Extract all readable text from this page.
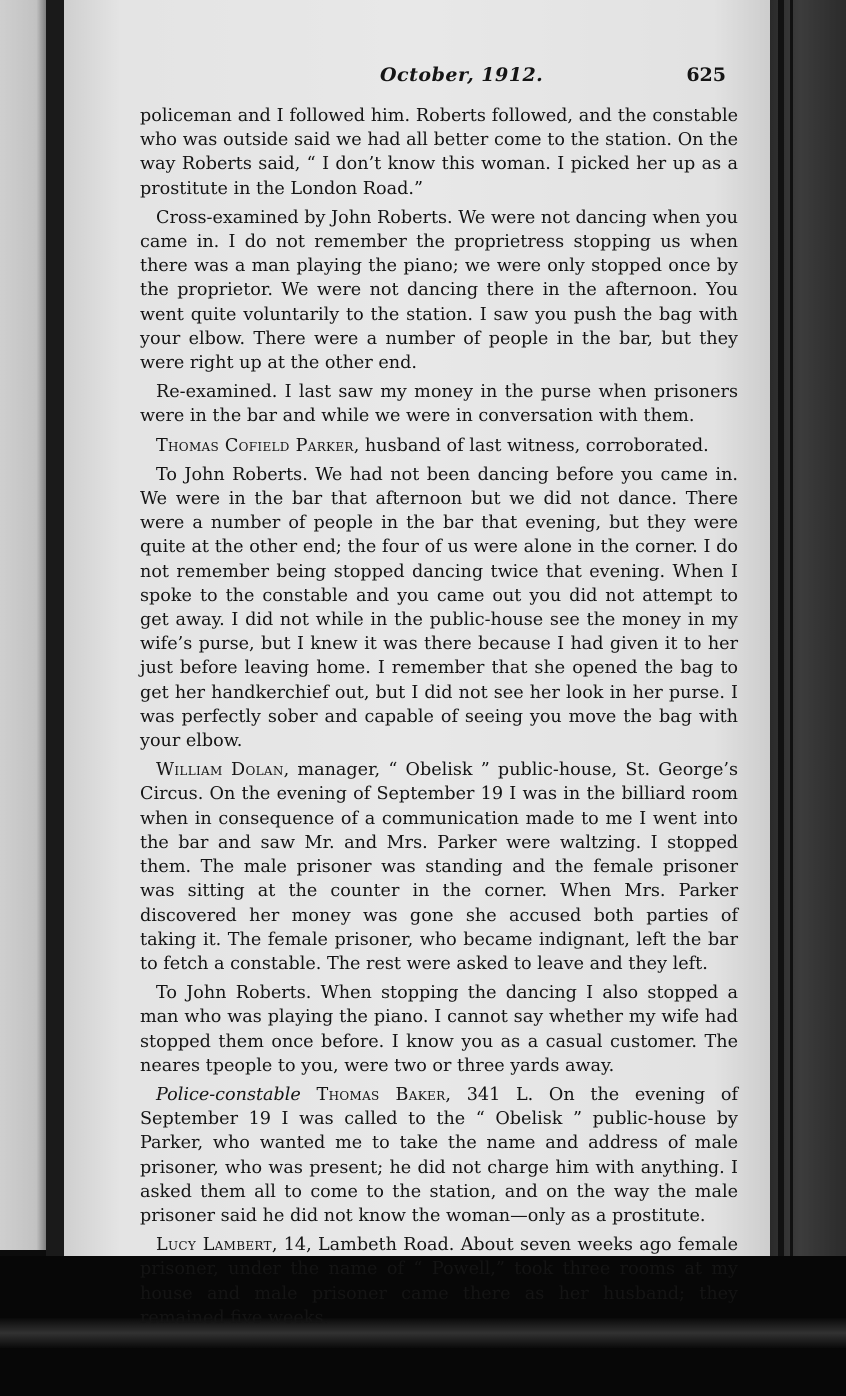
October, 1912.	625

policeman and I followed him. Roberts followed, and the constable who was outside said we had all better come to the station. On the way Roberts said, “ I don’t know this woman. I picked her up as a prostitute in the London Road.”

Cross-examined by John Roberts. We were not dancing when you came in. I do not remember the proprietress stopping us when there was a man playing the piano; we were only stopped once by the proprietor. We were not dancing there in the afternoon. You went quite voluntarily to the station. I saw you push the bag with your elbow. There were a number of people in the bar, but they were right up at the other end.

Re-examined. I last saw my money in the purse when prisoners were in the bar and while we were in conversation with them.

Thomas Cofield Parker, husband of last witness, corroborated.

To John Roberts. We had not been dancing before you came in. We were in the bar that afternoon but we did not dance. There were a number of people in the bar that evening, but they were quite at the other end; the four of us were alone in the corner. I do not remember being stopped dancing twice that evening. When I spoke to the constable and you came out you did not attempt to get away. I did not while in the public-house see the money in my wife’s purse, but I knew it was there because I had given it to her just before leaving home. I remember that she opened the bag to get her handkerchief out, but I did not see her look in her purse. I was perfectly sober and capable of seeing you move the bag with your elbow.

William Dolan, manager, “ Obelisk ” public-house, St. George’s Circus. On the evening of September 19 I was in the billiard room when in consequence of a communication made to me I went into the bar and saw Mr. and Mrs. Parker were waltzing. I stopped them. The male prisoner was standing and the female prisoner was sitting at the counter in the corner. When Mrs. Parker discovered her money was gone she accused both parties of taking it. The female prisoner, who became indignant, left the bar to fetch a constable. The rest were asked to leave and they left.

To John Roberts. When stopping the dancing I also stopped a man who was playing the piano. I cannot say whether my wife had stopped them once before. I know you as a casual customer. The neares tpeople to you, were two or three yards away.

Police-constable Thomas Baker, 341 L. On the evening of September 19 I was called to the “ Obelisk ” public-house by Parker, who wanted me to take the name and address of male prisoner, who was present; he did not charge him with anything. I asked them all to come to the station, and on the way the male prisoner said he did not know the woman—only as a prostitute.

Lucy Lambert, 14, Lambeth Road. About seven weeks ago female prisoner, under the name of “ Powell,” took three rooms at my house and male prisoner came there as her husband; they remained five weeks.
